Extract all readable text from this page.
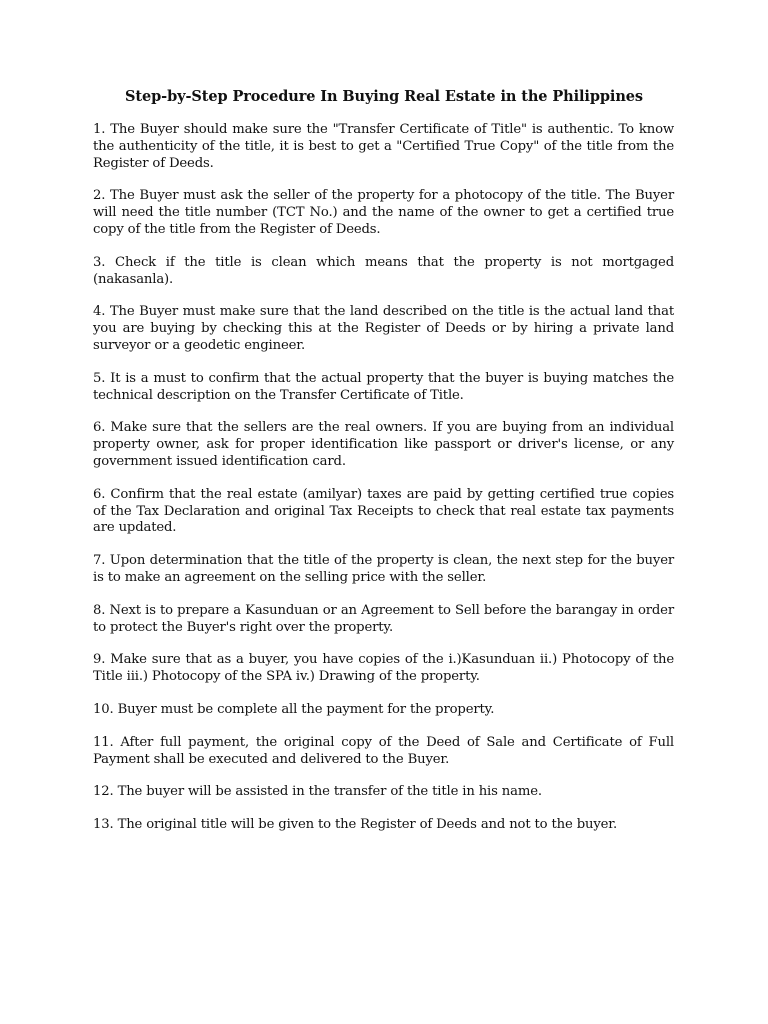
Step-by-Step Procedure In Buying Real Estate in the Philippines

1. The Buyer should make sure the "Transfer Certificate of Title" is authentic. To know the authenticity of the title, it is best to get a "Certified True Copy" of the title from the Register of Deeds.

2. The Buyer must ask the seller of the property for a photocopy of the title. The Buyer will need the title number (TCT No.) and the name of the owner to get a certified true copy of the title from the Register of Deeds.

3. Check if the title is clean which means that the property is not mortgaged (nakasanla).

4. The Buyer must make sure that the land described on the title is the actual land that you are buying by checking this at the Register of Deeds or by hiring a private land surveyor or a geodetic engineer.

5. It is a must to confirm that the actual property that the buyer is buying matches the technical description on the Transfer Certificate of Title.

6. Make sure that the sellers are the real owners. If you are buying from an individual property owner, ask for proper identification like passport or driver's license, or any government issued identification card.

6. Confirm that the real estate (amilyar) taxes are paid by getting certified true copies of the Tax Declaration and original Tax Receipts to check that real estate tax payments are updated.

7. Upon determination that the title of the property is clean, the next step for the buyer is to make an agreement on the selling price with the seller.

8. Next is to prepare a Kasunduan or an Agreement to Sell before the barangay in order to protect the Buyer's right over the property.

9. Make sure that as a buyer, you have copies of the i.)Kasunduan ii.) Photocopy of the Title iii.) Photocopy of the SPA iv.) Drawing of the property.

10. Buyer must be complete all the payment for the property.

11. After full payment, the original copy of the Deed of Sale and Certificate of Full Payment shall be executed and delivered to the Buyer.

12. The buyer will be assisted in the transfer of the title in his name.

13. The original title will be given to the Register of Deeds and not to the buyer.
